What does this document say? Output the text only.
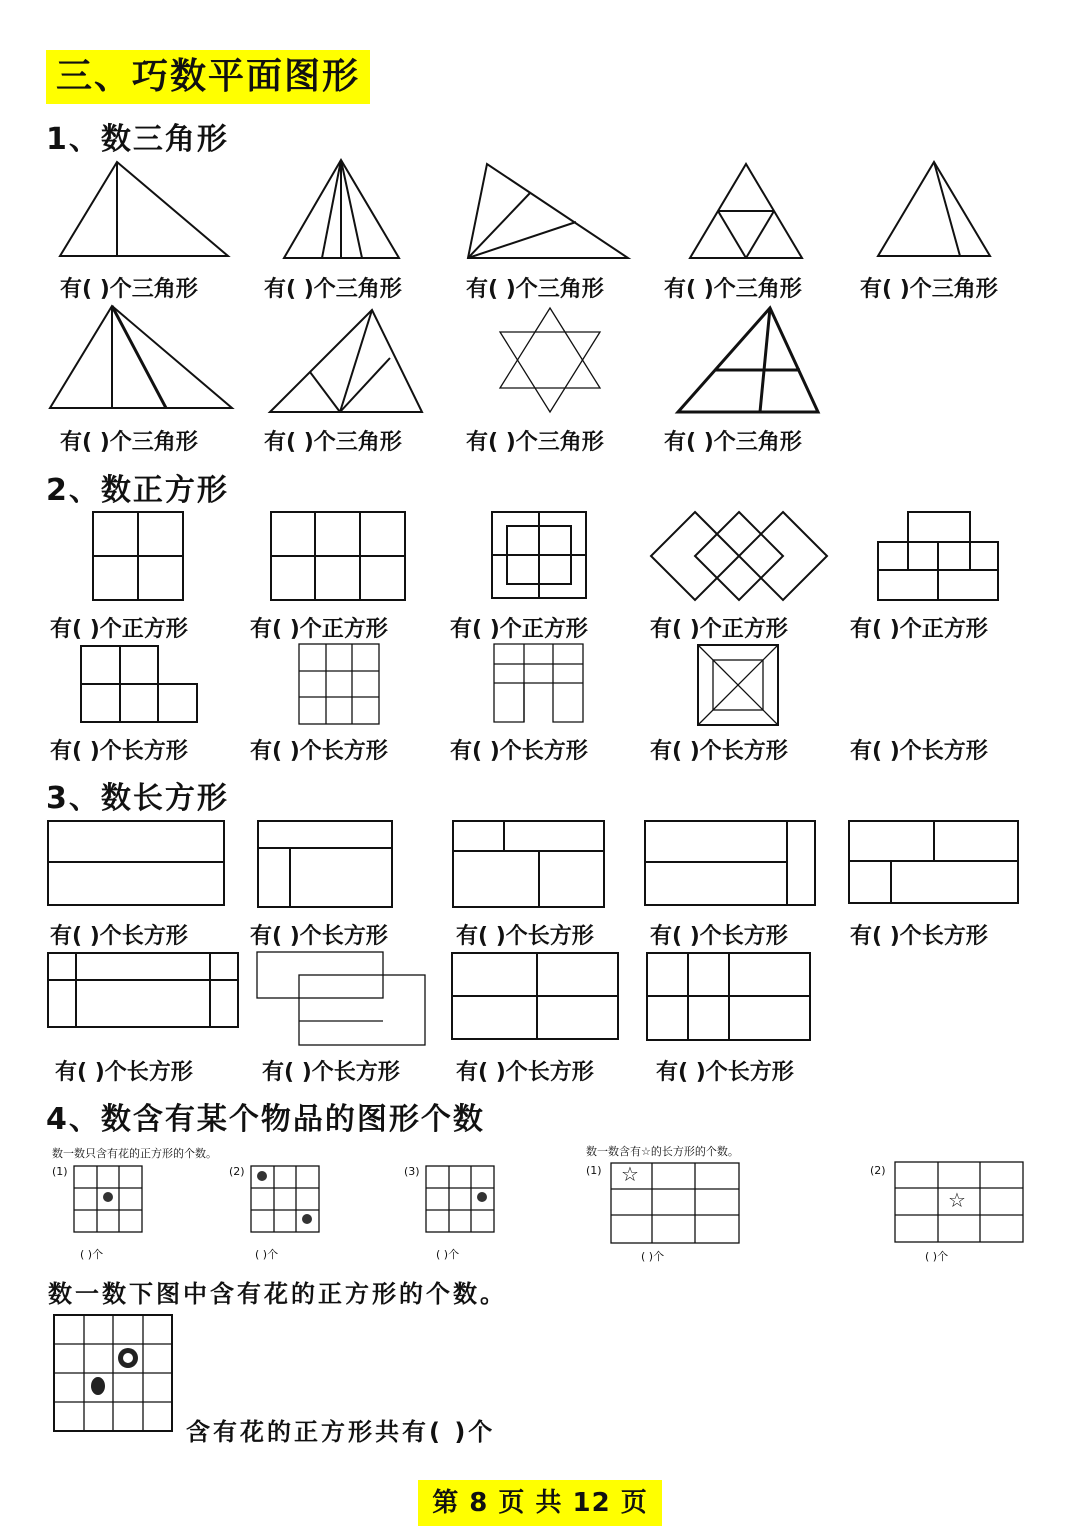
三、巧数平面图形
1、数三角形
有( )个三角形	有( )个三角形	有( )个三角形	有( )个三角形	有( )个三角形
有( )个三角形	有( )个三角形	有( )个三角形	有( )个三角形
2、数正方形
有( )个正方形	有( )个正方形	有( )个正方形	有( )个正方形	有( )个正方形
有( )个长方形	有( )个长方形	有( )个长方形	有( )个长方形	有( )个长方形
3、数长方形
有( )个长方形	有( )个长方形	有( )个长方形	有( )个长方形	有( )个长方形
有( )个长方形	有( )个长方形	有( )个长方形	有( )个长方形
4、数含有某个物品的图形个数
数一数只含有花的正方形的个数。	数一数含有☆的长方形的个数。
(1)	(2)	(3)	(1)	(2)
☆
☆
( )个	( )个	( )个	( )个	( )个
数一数下图中含有花的正方形的个数。
含有花的正方形共有( )个
第 8 页 共 12 页
